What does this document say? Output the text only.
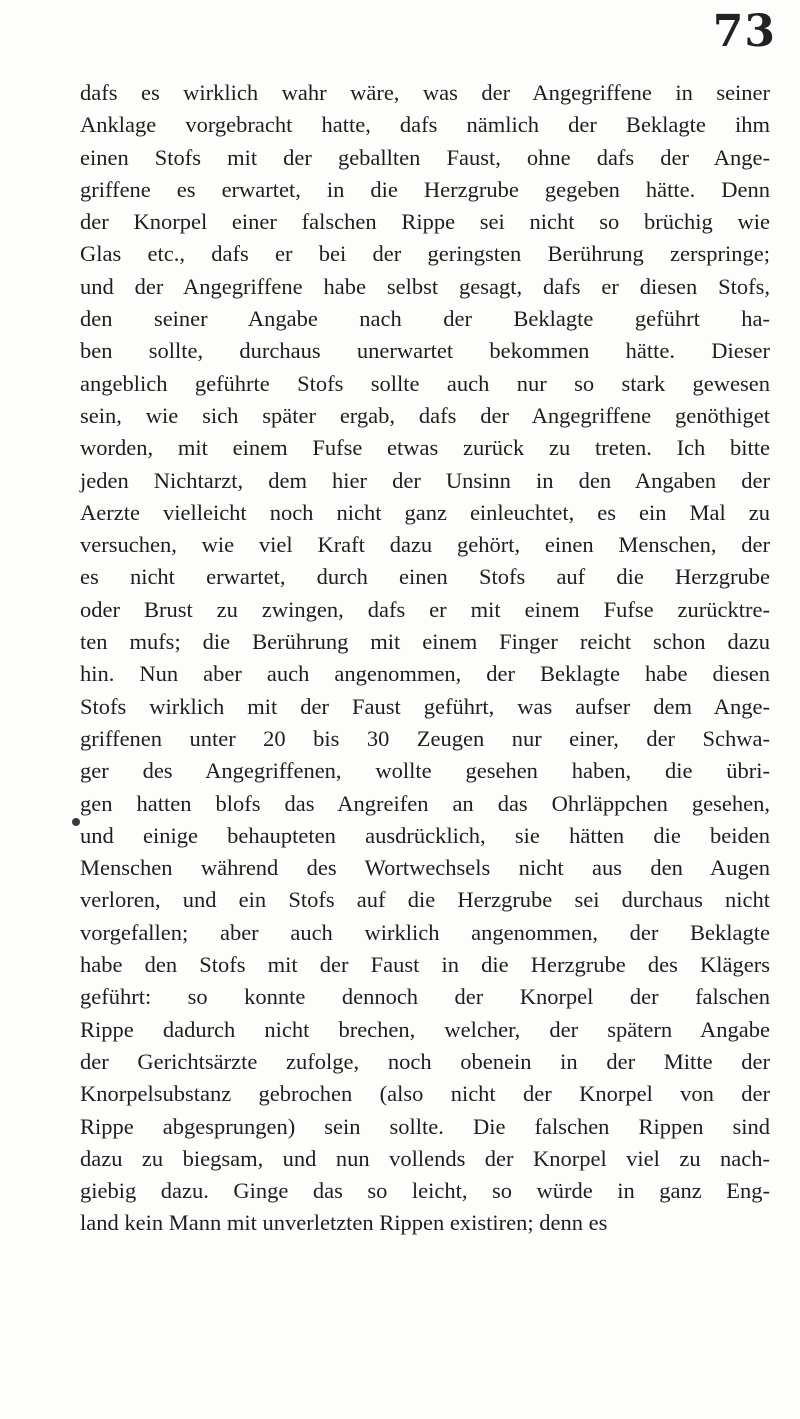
73
dafs es wirklich wahr wäre, was der Angegriffene in seiner
Anklage vorgebracht hatte, dafs nämlich der Beklagte ihm
einen Stofs mit der geballten Faust, ohne dafs der Ange-
griffene es erwartet, in die Herzgrube gegeben hätte. Denn
der Knorpel einer falschen Rippe sei nicht so brüchig wie
Glas etc., dafs er bei der geringsten Berührung zerspringe;
und der Angegriffene habe selbst gesagt, dafs er diesen Stofs,
den seiner Angabe nach der Beklagte geführt ha-
ben sollte, durchaus unerwartet bekommen hätte. Dieser
angeblich geführte Stofs sollte auch nur so stark gewesen
sein, wie sich später ergab, dafs der Angegriffene genöthiget
worden, mit einem Fufse etwas zurück zu treten. Ich bitte
jeden Nichtarzt, dem hier der Unsinn in den Angaben der
Aerzte vielleicht noch nicht ganz einleuchtet, es ein Mal zu
versuchen, wie viel Kraft dazu gehört, einen Menschen, der
es nicht erwartet, durch einen Stofs auf die Herzgrube
oder Brust zu zwingen, dafs er mit einem Fufse zurücktre-
ten mufs; die Berührung mit einem Finger reicht schon dazu
hin. Nun aber auch angenommen, der Beklagte habe diesen
Stofs wirklich mit der Faust geführt, was aufser dem Ange-
griffenen unter 20 bis 30 Zeugen nur einer, der Schwa-
ger des Angegriffenen, wollte gesehen haben, die übri-
gen hatten blofs das Angreifen an das Ohrläppchen gesehen,
und einige behaupteten ausdrücklich, sie hätten die beiden
Menschen während des Wortwechsels nicht aus den Augen
verloren, und ein Stofs auf die Herzgrube sei durchaus nicht
vorgefallen; aber auch wirklich angenommen, der Beklagte
habe den Stofs mit der Faust in die Herzgrube des Klägers
geführt: so konnte dennoch der Knorpel der falschen
Rippe dadurch nicht brechen, welcher, der spätern Angabe
der Gerichtsärzte zufolge, noch obenein in der Mitte der
Knorpelsubstanz gebrochen (also nicht der Knorpel von der
Rippe abgesprungen) sein sollte. Die falschen Rippen sind
dazu zu biegsam, und nun vollends der Knorpel viel zu nach-
giebig dazu. Ginge das so leicht, so würde in ganz Eng-
land kein Mann mit unverletzten Rippen existiren; denn es
